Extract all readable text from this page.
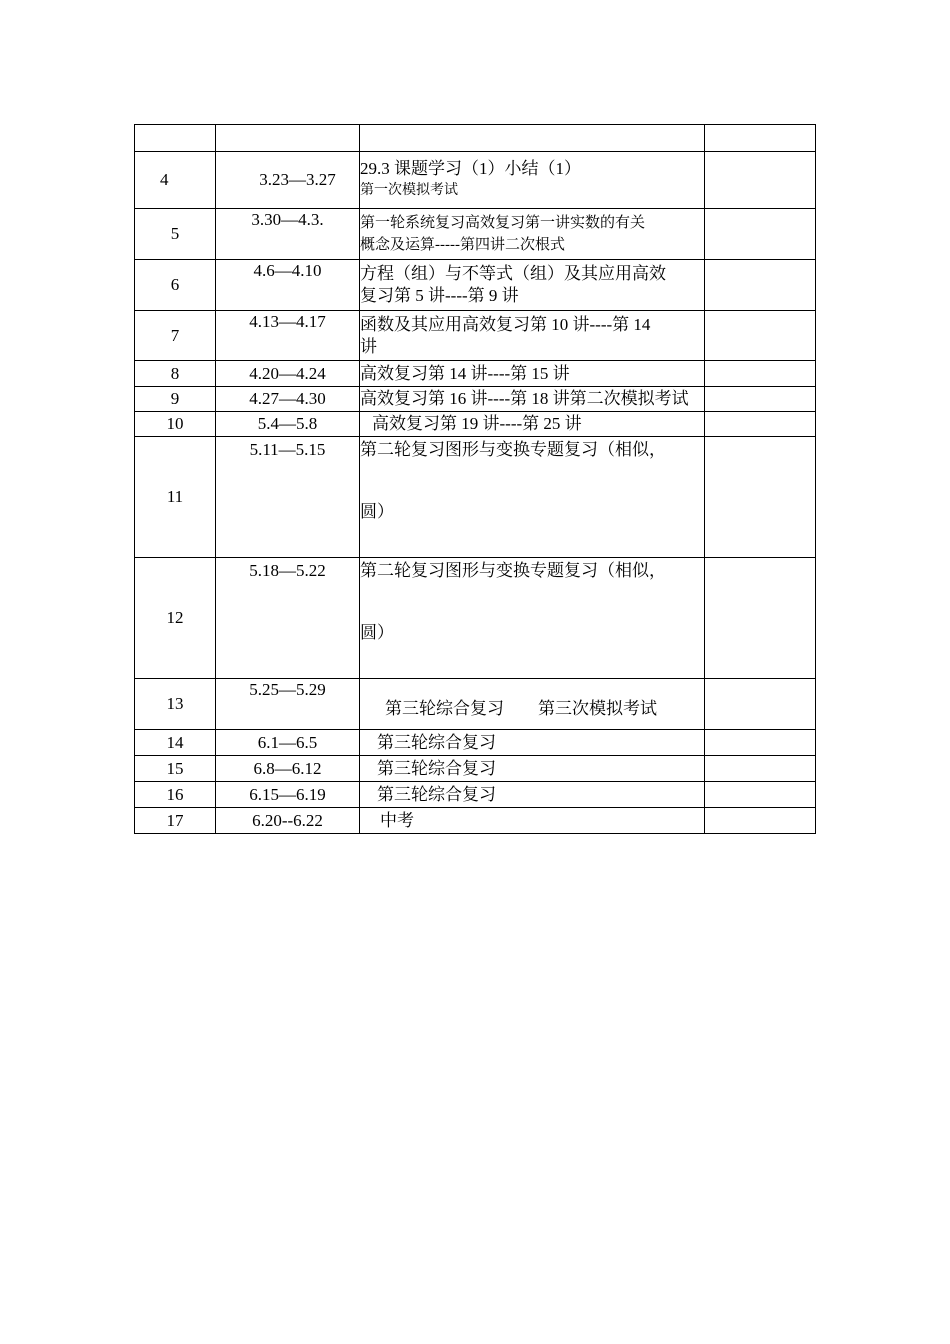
4	3.23—3.27	29.3 课题学习（1）小结（1）
第一次模拟考试	

5	3.30—4.3.	第一轮系统复习高效复习第一讲实数的有关
概念及运算-----第四讲二次根式	

6	4.6—4.10	方程（组）与不等式（组）及其应用高效
复习第 5 讲----第 9 讲	

7	4.13—4.17	函数及其应用高效复习第 10 讲----第 14
讲	

8	4.20—4.24	高效复习第 14 讲----第 15 讲	
9	4.27—4.30	高效复习第 16 讲----第 18 讲第二次模拟考试	
10	5.4—5.8	高效复习第 19 讲----第 25 讲	
11	5.11—5.15	第二轮复习图形与变换专题复习（相似，
圆）	

12	5.18—5.22	第二轮复习图形与变换专题复习（相似，
圆）	

13	5.25—5.29	第三轮综合复习　　第三次模拟考试	
14	6.1—6.5	第三轮综合复习	
15	6.8—6.12	第三轮综合复习	
16	6.15—6.19	第三轮综合复习	
17	6.20--6.22	中考	
